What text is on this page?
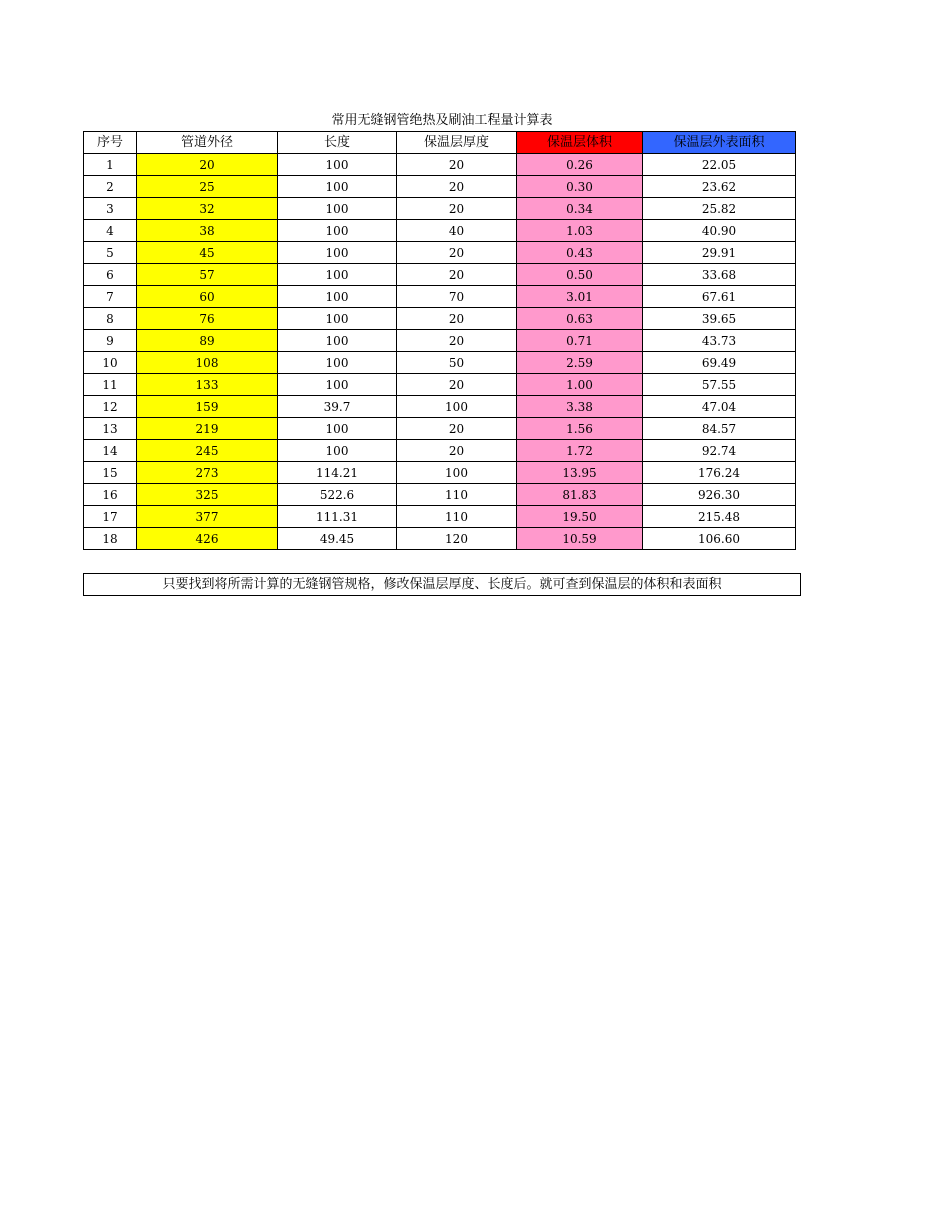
常用无缝钢管绝热及刷油工程量计算表
序号	管道外径	长度	保温层厚度	保温层体积	保温层外表面积
1	20	100	20	0.26	22.05
2	25	100	20	0.30	23.62
3	32	100	20	0.34	25.82
4	38	100	40	1.03	40.90
5	45	100	20	0.43	29.91
6	57	100	20	0.50	33.68
7	60	100	70	3.01	67.61
8	76	100	20	0.63	39.65
9	89	100	20	0.71	43.73
10	108	100	50	2.59	69.49
11	133	100	20	1.00	57.55
12	159	39.7	100	3.38	47.04
13	219	100	20	1.56	84.57
14	245	100	20	1.72	92.74
15	273	114.21	100	13.95	176.24
16	325	522.6	110	81.83	926.30
17	377	111.31	110	19.50	215.48
18	426	49.45	120	10.59	106.60
只要找到将所需计算的无缝钢管规格，修改保温层厚度、长度后。就可查到保温层的体积和表面积
